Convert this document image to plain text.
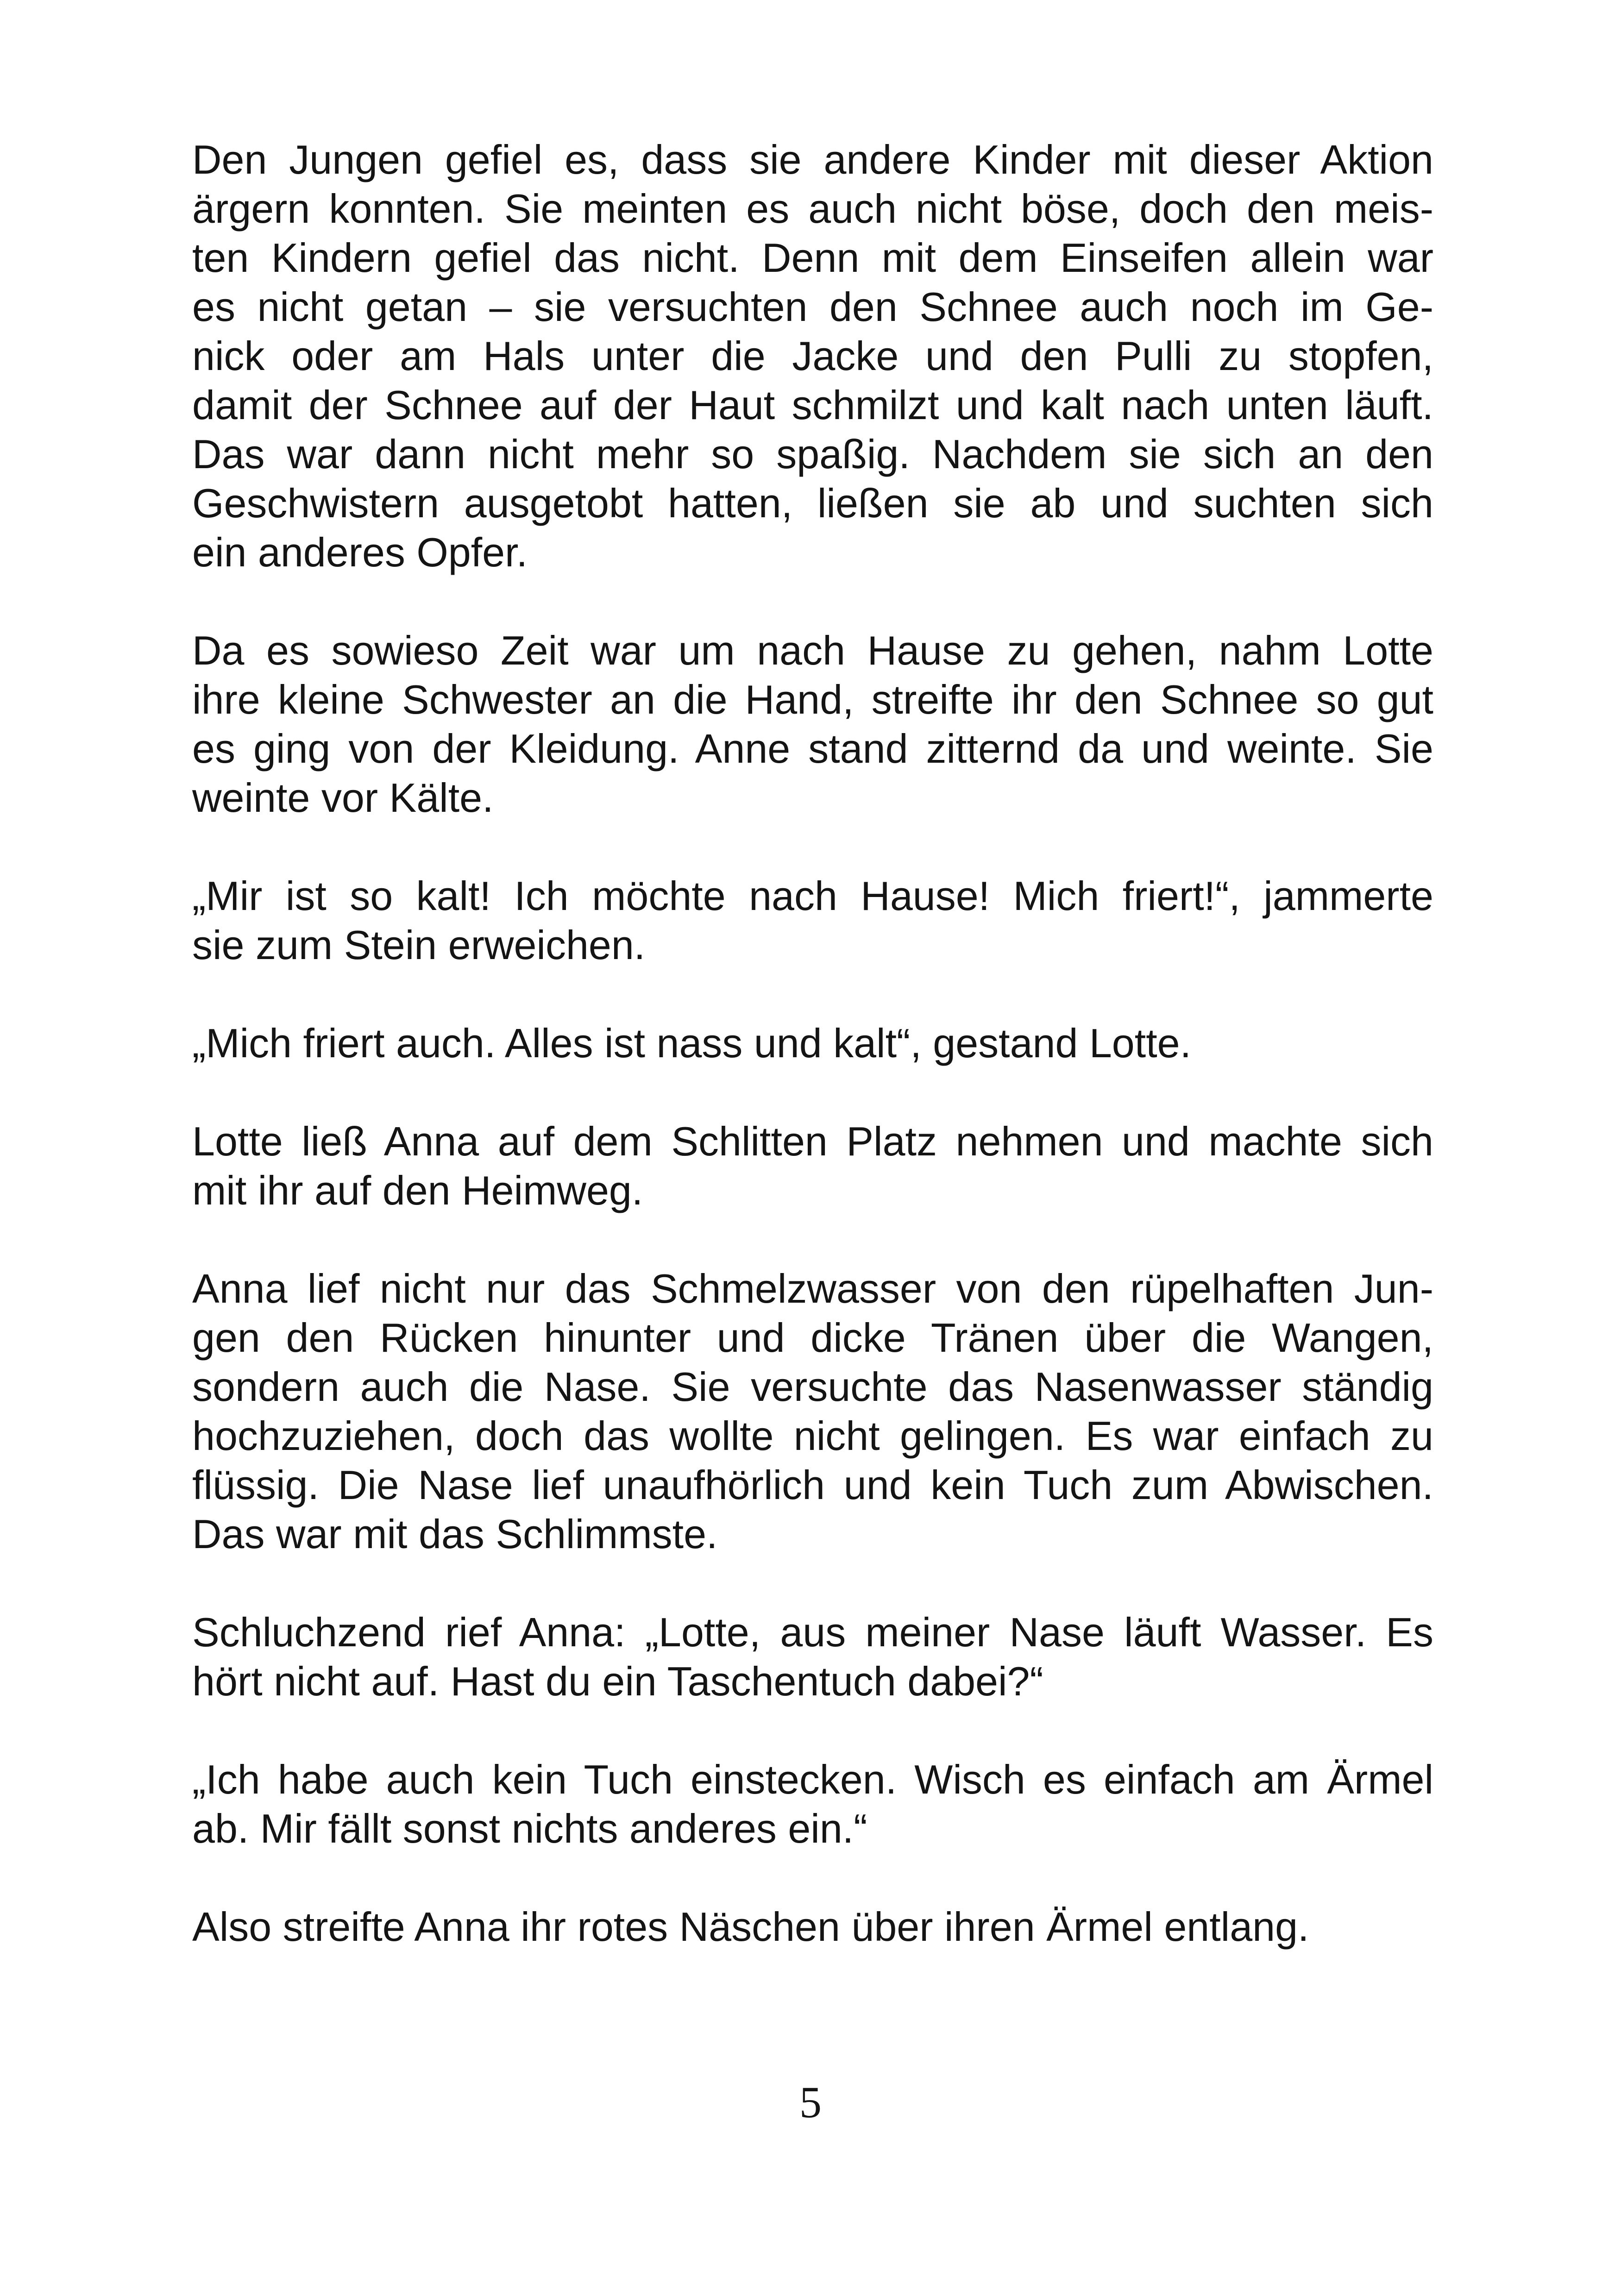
Den Jungen gefiel es, dass sie andere Kinder mit dieser Aktion
ärgern konnten. Sie meinten es auch nicht böse, doch den meis-
ten Kindern gefiel das nicht. Denn mit dem Einseifen allein war
es nicht getan – sie versuchten den Schnee auch noch im Ge-
nick oder am Hals unter die Jacke und den Pulli zu stopfen,
damit der Schnee auf der Haut schmilzt und kalt nach unten läuft.
Das war dann nicht mehr so spaßig. Nachdem sie sich an den
Geschwistern ausgetobt hatten, ließen sie ab und suchten sich
ein anderes Opfer.
Da es sowieso Zeit war um nach Hause zu gehen, nahm Lotte
ihre kleine Schwester an die Hand, streifte ihr den Schnee so gut
es ging von der Kleidung. Anne stand zitternd da und weinte. Sie
weinte vor Kälte.
„Mir ist so kalt! Ich möchte nach Hause! Mich friert!“, jammerte
sie zum Stein erweichen.
„Mich friert auch. Alles ist nass und kalt“, gestand Lotte.
Lotte ließ Anna auf dem Schlitten Platz nehmen und machte sich
mit ihr auf den Heimweg.
Anna lief nicht nur das Schmelzwasser von den rüpelhaften Jun-
gen den Rücken hinunter und dicke Tränen über die Wangen,
sondern auch die Nase. Sie versuchte das Nasenwasser ständig
hochzuziehen, doch das wollte nicht gelingen. Es war einfach zu
flüssig. Die Nase lief unaufhörlich und kein Tuch zum Abwischen.
Das war mit das Schlimmste.
Schluchzend rief Anna: „Lotte, aus meiner Nase läuft Wasser. Es
hört nicht auf. Hast du ein Taschentuch dabei?“
„Ich habe auch kein Tuch einstecken. Wisch es einfach am Ärmel
ab. Mir fällt sonst nichts anderes ein.“
Also streifte Anna ihr rotes Näschen über ihren Ärmel entlang.
5
